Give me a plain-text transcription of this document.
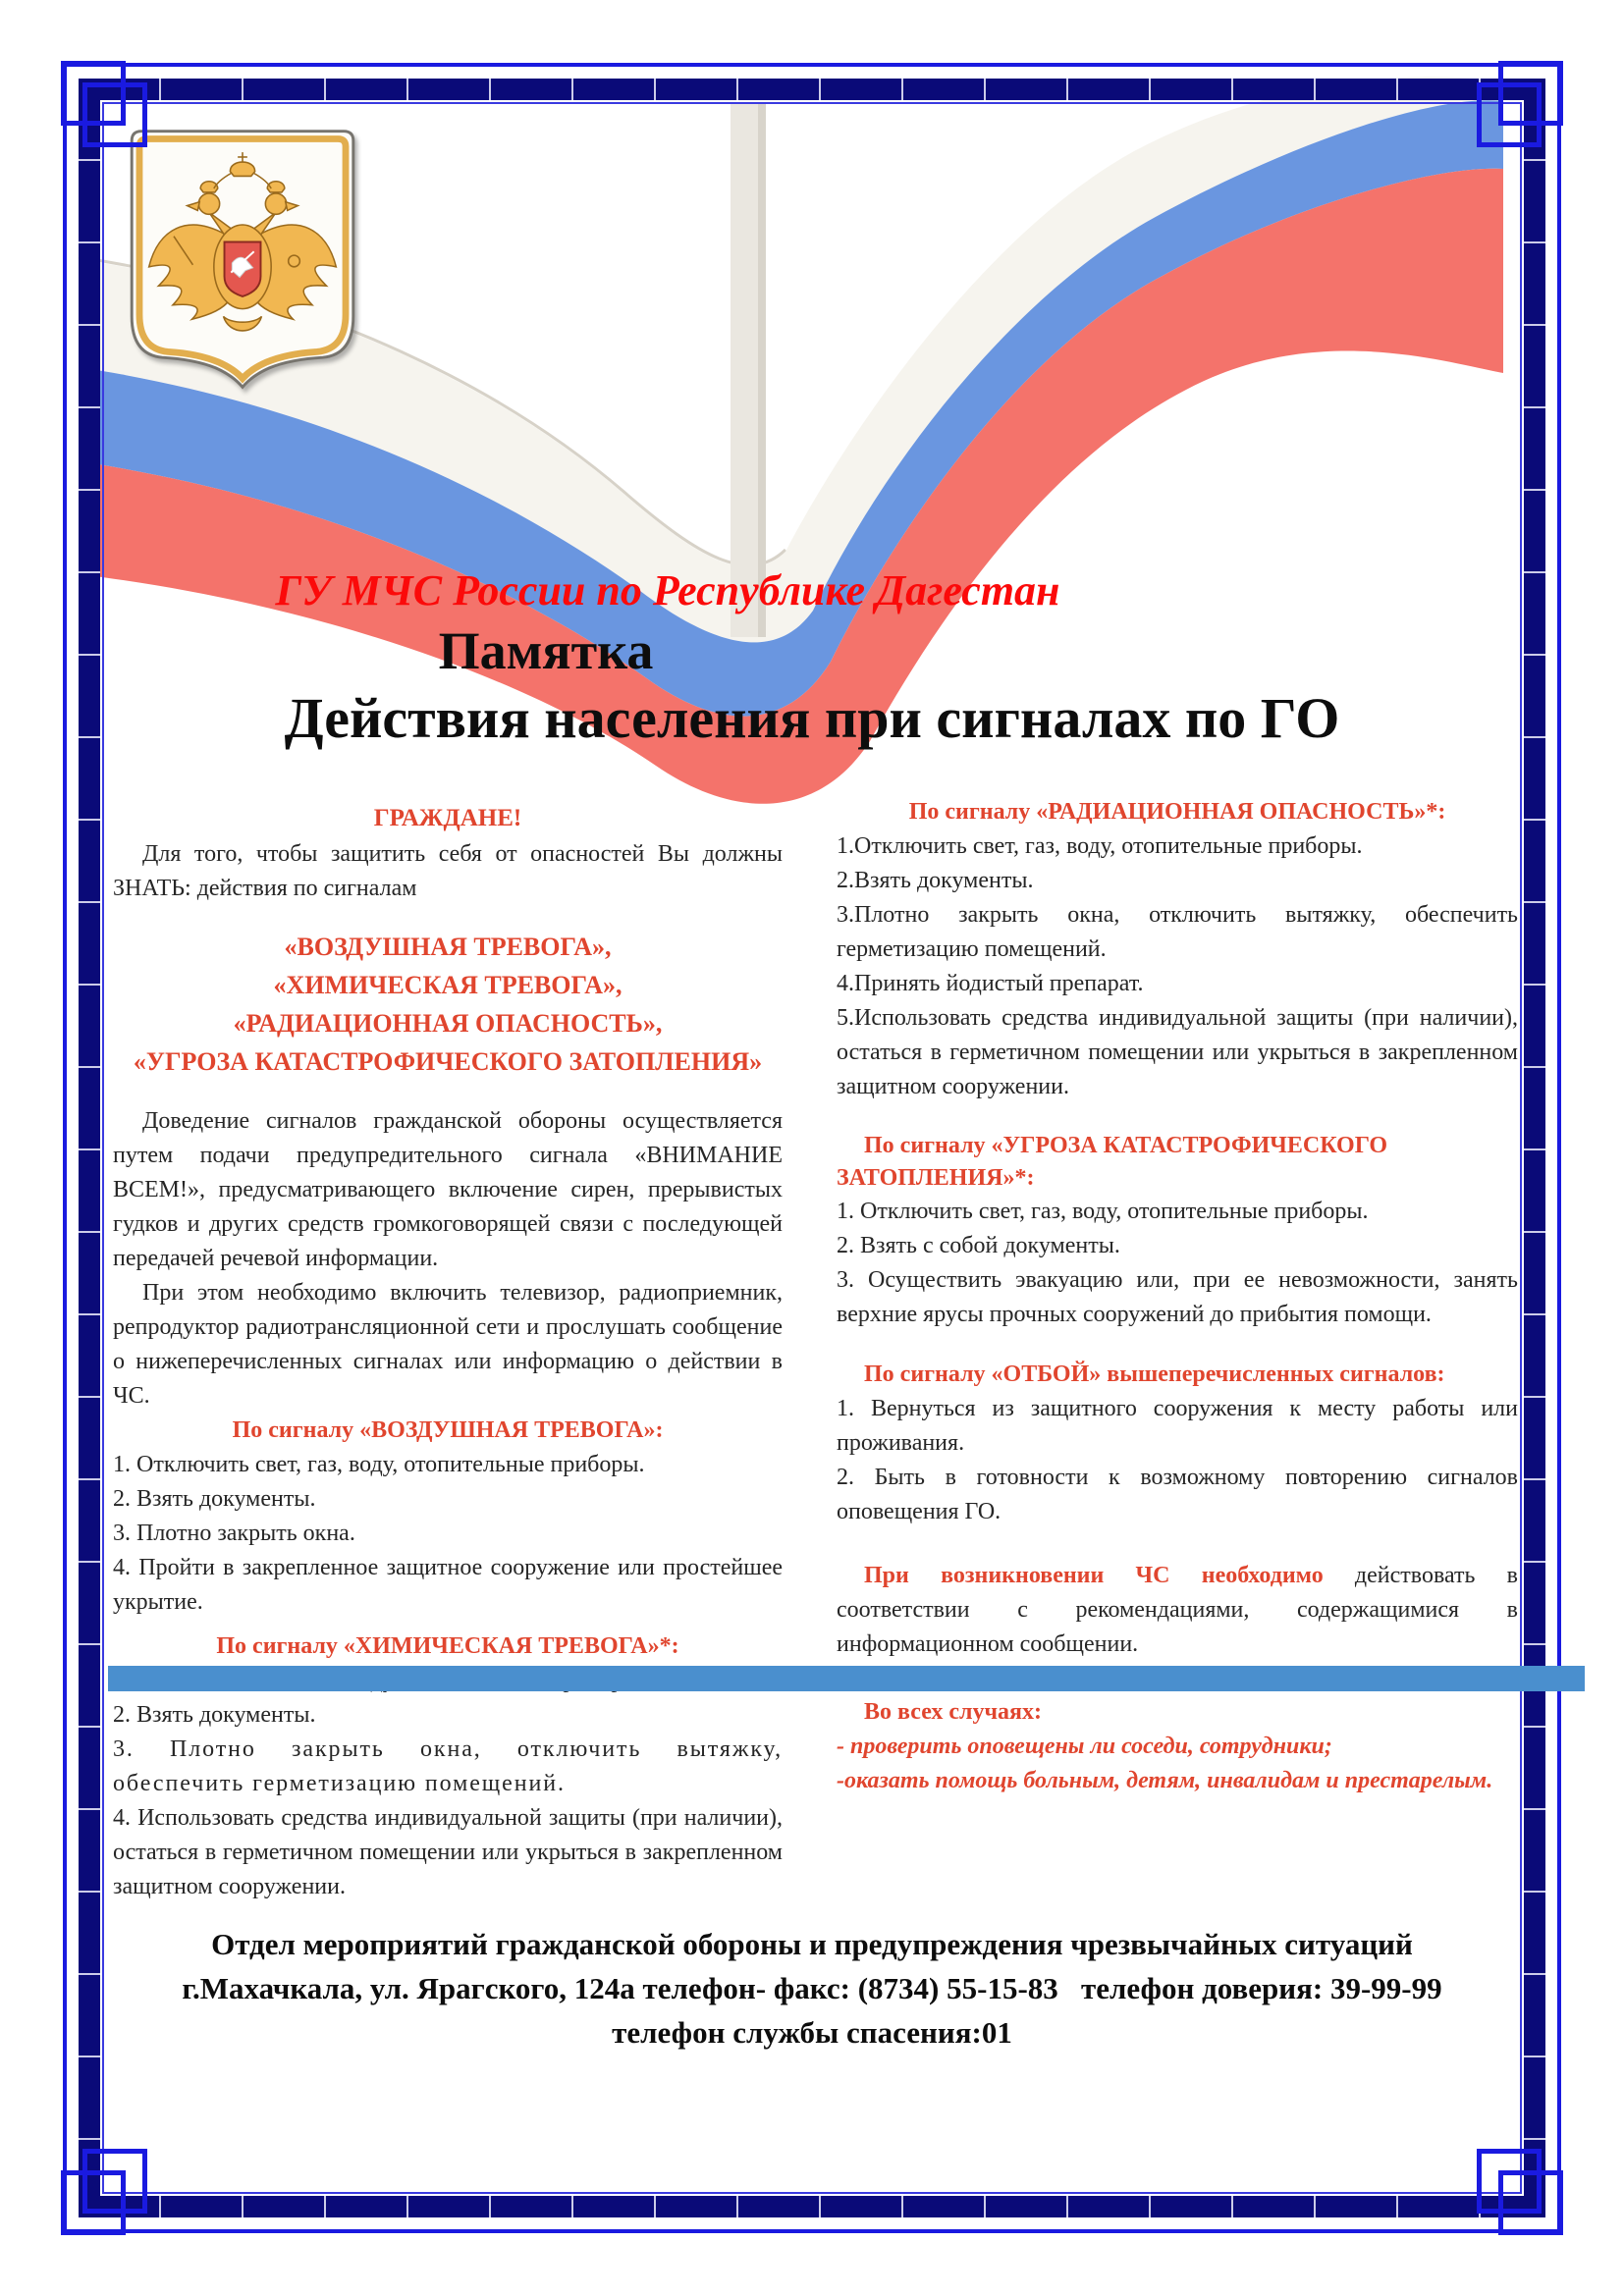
ГУ МЧС России по Республике Дагестан
Памятка
Действия населения при сигналах по ГО
ГРАЖДАНЕ!

Для того, чтобы защитить себя от опасностей Вы должны ЗНАТЬ: действия по сигналам

«ВОЗДУШНАЯ ТРЕВОГА»,
«ХИМИЧЕСКАЯ ТРЕВОГА»,
«РАДИАЦИОННАЯ ОПАСНОСТЬ»,
«УГРОЗА КАТАСТРОФИЧЕСКОГО ЗАТОПЛЕНИЯ»

Доведение сигналов гражданской обороны осуществляется путем подачи предупредительного сигнала «ВНИМАНИЕ ВСЕМ!», предусматривающего включение сирен, прерывистых гудков и других средств громкоговорящей связи с последующей передачей речевой информации.

При этом необходимо включить телевизор, радиоприемник, репродуктор радиотрансляционной сети и прослушать сообщение о нижеперечисленных сигналах или информацию о действии в ЧС.

По сигналу «ВОЗДУШНАЯ ТРЕВОГА»:
1. Отключить свет, газ, воду, отопительные приборы.
2. Взять документы.
3. Плотно закрыть окна.
4. Пройти в закрепленное защитное сооружение или простейшее укрытие.
По сигналу «ХИМИЧЕСКАЯ ТРЕВОГА»*:
2. Взять документы.
3. Плотно закрыть окна, отключить вытяжку, обеспечить герметизацию помещений.
4. Использовать средства индивидуальной защиты (при наличии), остаться в герметичном помещении или укрыться в закрепленном защитном сооружении.
По сигналу «РАДИАЦИОННАЯ ОПАСНОСТЬ»*:
1.Отключить свет, газ, воду, отопительные приборы.
2.Взять документы.
3.Плотно закрыть окна, отключить вытяжку, обеспечить герметизацию помещений.
4.Принять йодистый препарат.
5.Использовать средства индивидуальной защиты (при наличии), остаться в герметичном помещении или укрыться в закрепленном защитном сооружении.
По сигналу «УГРОЗА КАТАСТРОФИЧЕСКОГО ЗАТОПЛЕНИЯ»*:
1. Отключить свет, газ, воду, отопительные приборы.
2. Взять с собой документы.
3. Осуществить эвакуацию или, при ее невозможности, занять верхние ярусы прочных сооружений до прибытия помощи.
По сигналу «ОТБОЙ» вышеперечисленных сигналов:
1. Вернуться из защитного сооружения к месту работы или проживания.
2. Быть в готовности к возможному повторению сигналов оповещения ГО.

При возникновении ЧС необходимо действовать в соответствии с рекомендациями, содержащимися в информационном сообщении.

Во всех случаях:
- проверить оповещены ли соседи, сотрудники;
-оказать помощь больным, детям, инвалидам и престарелым.
Отдел мероприятий гражданской обороны и предупреждения чрезвычайных ситуаций
г.Махачкала, ул. Ярагского, 124а телефон- факс: (8734) 55-15-83   телефон доверия: 39-99-99
телефон службы спасения:01
